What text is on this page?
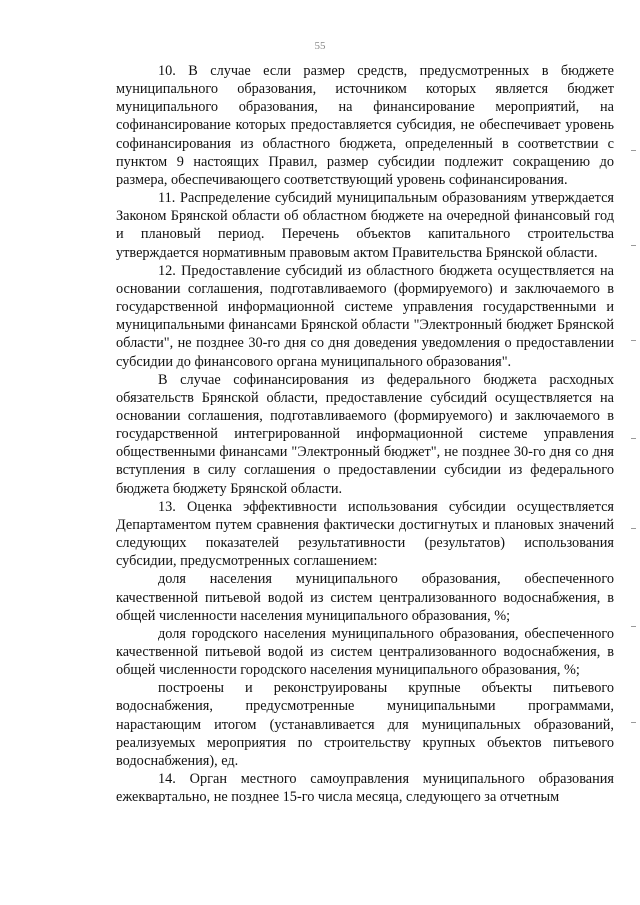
55

10. В случае если размер средств, предусмотренных в бюджете муниципального образования, источником которых является бюджет муниципального образования, на финансирование мероприятий, на софинансирование которых предоставляется субсидия, не обеспечивает уровень софинансирования из областного бюджета, определенный в соответствии с пунктом 9 настоящих Правил, размер субсидии подлежит сокращению до размера, обеспечивающего соответствующий уровень софинансирования.

11. Распределение субсидий муниципальным образованиям утверждается Законом Брянской области об областном бюджете на очередной финансовый год и плановый период. Перечень объектов капитального строительства утверждается нормативным правовым актом Правительства Брянской области.

12. Предоставление субсидий из областного бюджета осуществляется на основании соглашения, подготавливаемого (формируемого) и заключаемого в государственной информационной системе управления государственными и муниципальными финансами Брянской области "Электронный бюджет Брянской области", не позднее 30-го дня со дня доведения уведомления о предоставлении субсидии до финансового органа муниципального образования".

В случае софинансирования из федерального бюджета расходных обязательств Брянской области, предоставление субсидий осуществляется на основании соглашения, подготавливаемого (формируемого) и заключаемого в государственной интегрированной информационной системе управления общественными финансами "Электронный бюджет", не позднее 30-го дня со дня вступления в силу соглашения о предоставлении субсидии из федерального бюджета бюджету Брянской области.

13. Оценка эффективности использования субсидии осуществляется Департаментом путем сравнения фактически достигнутых и плановых значений следующих показателей результативности (результатов) использования субсидии, предусмотренных соглашением:

доля населения муниципального образования, обеспеченного качественной питьевой водой из систем централизованного водоснабжения, в общей численности населения муниципального образования, %;

доля городского населения муниципального образования, обеспеченного качественной питьевой водой из систем централизованного водоснабжения, в общей численности городского населения муниципального образования, %;

построены и реконструированы крупные объекты питьевого водоснабжения, предусмотренные муниципальными программами, нарастающим итогом (устанавливается для муниципальных образований, реализуемых мероприятия по строительству крупных объектов питьевого водоснабжения), ед.

14. Орган местного самоуправления муниципального образования ежеквартально, не позднее 15-го числа месяца, следующего за отчетным
